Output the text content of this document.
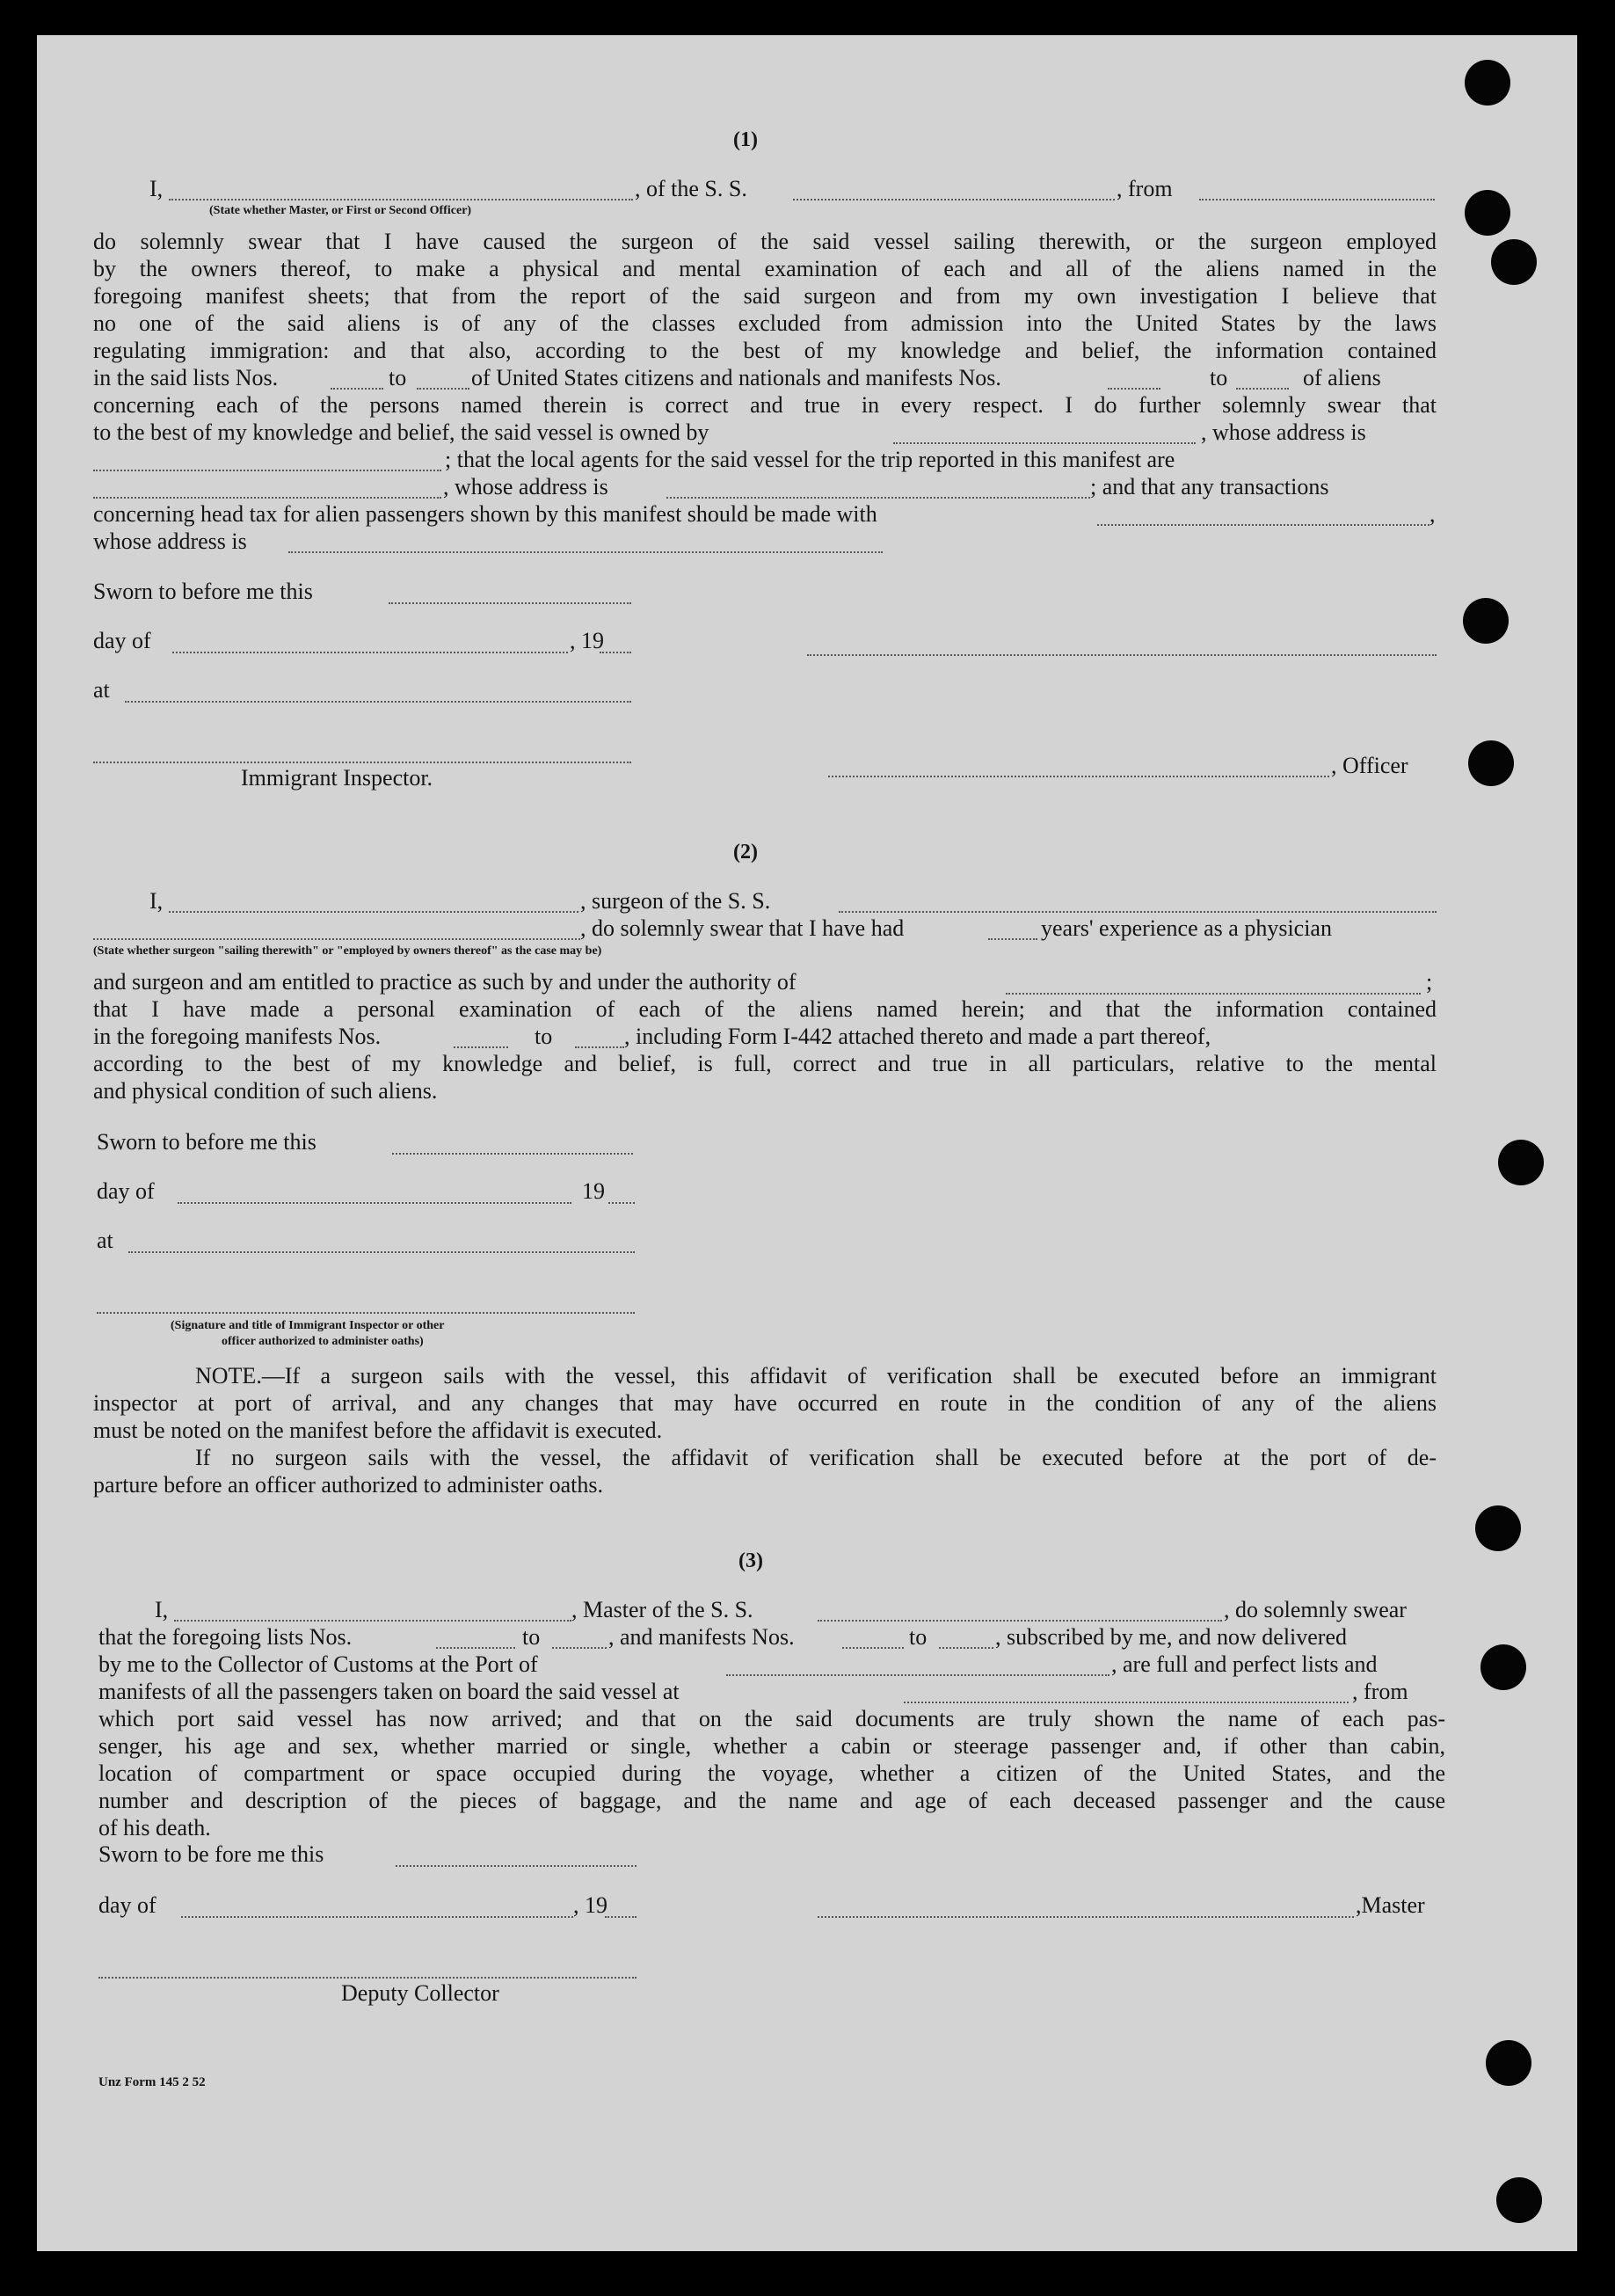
(1)
I,	, of the S. S.	, from
(State whether Master, or First or Second Officer)
do solemnly swear that I have caused the surgeon of the said vessel sailing therewith, or the surgeon employed
by the owners thereof, to make a physical and mental examination of each and all of the aliens named in the
foregoing manifest sheets; that from the report of the said surgeon and from my own investigation I believe that
no one of the said aliens is of any of the classes excluded from admission into the United States by the laws
regulating immigration: and that also, according to the best of my knowledge and belief, the information contained
in the said lists Nos.	to	of United States citizens and nationals and manifests Nos.	to	of aliens
concerning each of the persons named therein is correct and true in every respect. I do further solemnly swear that
to the best of my knowledge and belief, the said vessel is owned by	, whose address is
; that the local agents for the said vessel for the trip reported in this manifest are
, whose address is	; and that any transactions
concerning head tax for alien passengers shown by this manifest should be made with	,
whose address is
Sworn to before me this
day of	, 19
at
, Officer
Immigrant Inspector.
(2)
I,	, surgeon of the S. S.
, do solemnly swear that I have had	years' experience as a physician
(State whether surgeon "sailing therewith" or "employed by owners thereof" as the case may be)
and surgeon and am entitled to practice as such by and under the authority of	;
that I have made a personal examination of each of the aliens named herein; and that the information contained
in the foregoing manifests Nos.	to	, including Form I-442 attached thereto and made a part thereof,
according to the best of my knowledge and belief, is full, correct and true in all particulars, relative to the mental
and physical condition of such aliens.
Sworn to before me this
day of	19
at
(Signature and title of Immigrant Inspector or other
officer authorized to administer oaths)
NOTE.—If a surgeon sails with the vessel, this affidavit of verification shall be executed before an immigrant
inspector at port of arrival, and any changes that may have occurred en route in the condition of any of the aliens
must be noted on the manifest before the affidavit is executed.
If no surgeon sails with the vessel, the affidavit of verification shall be executed before at the port of de-
parture before an officer authorized to administer oaths.
(3)
I,	, Master of the S. S.	, do solemnly swear
that the foregoing lists Nos.	to	, and manifests Nos.	to	, subscribed by me, and now delivered
by me to the Collector of Customs at the Port of	, are full and perfect lists and
manifests of all the passengers taken on board the said vessel at	, from
which port said vessel has now arrived; and that on the said documents are truly shown the name of each pas-
senger, his age and sex, whether married or single, whether a cabin or steerage passenger and, if other than cabin,
location of compartment or space occupied during the voyage, whether a citizen of the United States, and the
number and description of the pieces of baggage, and the name and age of each deceased passenger and the cause
of his death.
Sworn to be fore me this
day of	, 19	,Master
Deputy Collector
Unz Form 145 2 52
